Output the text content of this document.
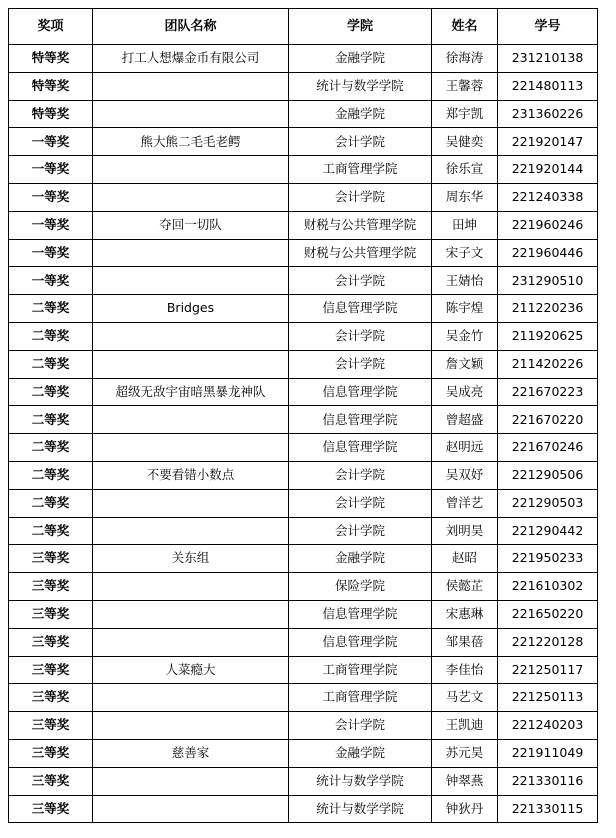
奖项	团队名称	学院	姓名	学号
特等奖	打工人想爆金币有限公司	金融学院	徐海涛	231210138
特等奖		统计与数学学院	王馨蓉	221480113
特等奖		金融学院	郑宇凯	231360226
一等奖	熊大熊二毛毛老鳄	会计学院	吴健奕	221920147
一等奖		工商管理学院	徐乐宣	221920144
一等奖		会计学院	周东华	221240338
一等奖	夺回一切队	财税与公共管理学院	田坤	221960246
一等奖		财税与公共管理学院	宋子文	221960446
一等奖		会计学院	王婧怡	231290510
二等奖	Bridges	信息管理学院	陈宇煌	211220236
二等奖		会计学院	吴金竹	211920625
二等奖		会计学院	詹文颖	211420226
二等奖	超级无敌宇宙暗黑暴龙神队	信息管理学院	吴成亮	221670223
二等奖		信息管理学院	曾超盛	221670220
二等奖		信息管理学院	赵明远	221670246
二等奖	不要看错小数点	会计学院	吴双妤	221290506
二等奖		会计学院	曾洋艺	221290503
二等奖		会计学院	刘明昊	221290442
三等奖	关东组	金融学院	赵昭	221950233
三等奖		保险学院	侯懿芷	221610302
三等奖		信息管理学院	宋惠琳	221650220
三等奖		信息管理学院	邹果蓓	221220128
三等奖	人菜瘾大	工商管理学院	李佳怡	221250117
三等奖		工商管理学院	马艺文	221250113
三等奖		会计学院	王凯迪	221240203
三等奖	慈善家	金融学院	苏元昊	221911049
三等奖		统计与数学学院	钟翠燕	221330116
三等奖		统计与数学学院	钟狄丹	221330115
